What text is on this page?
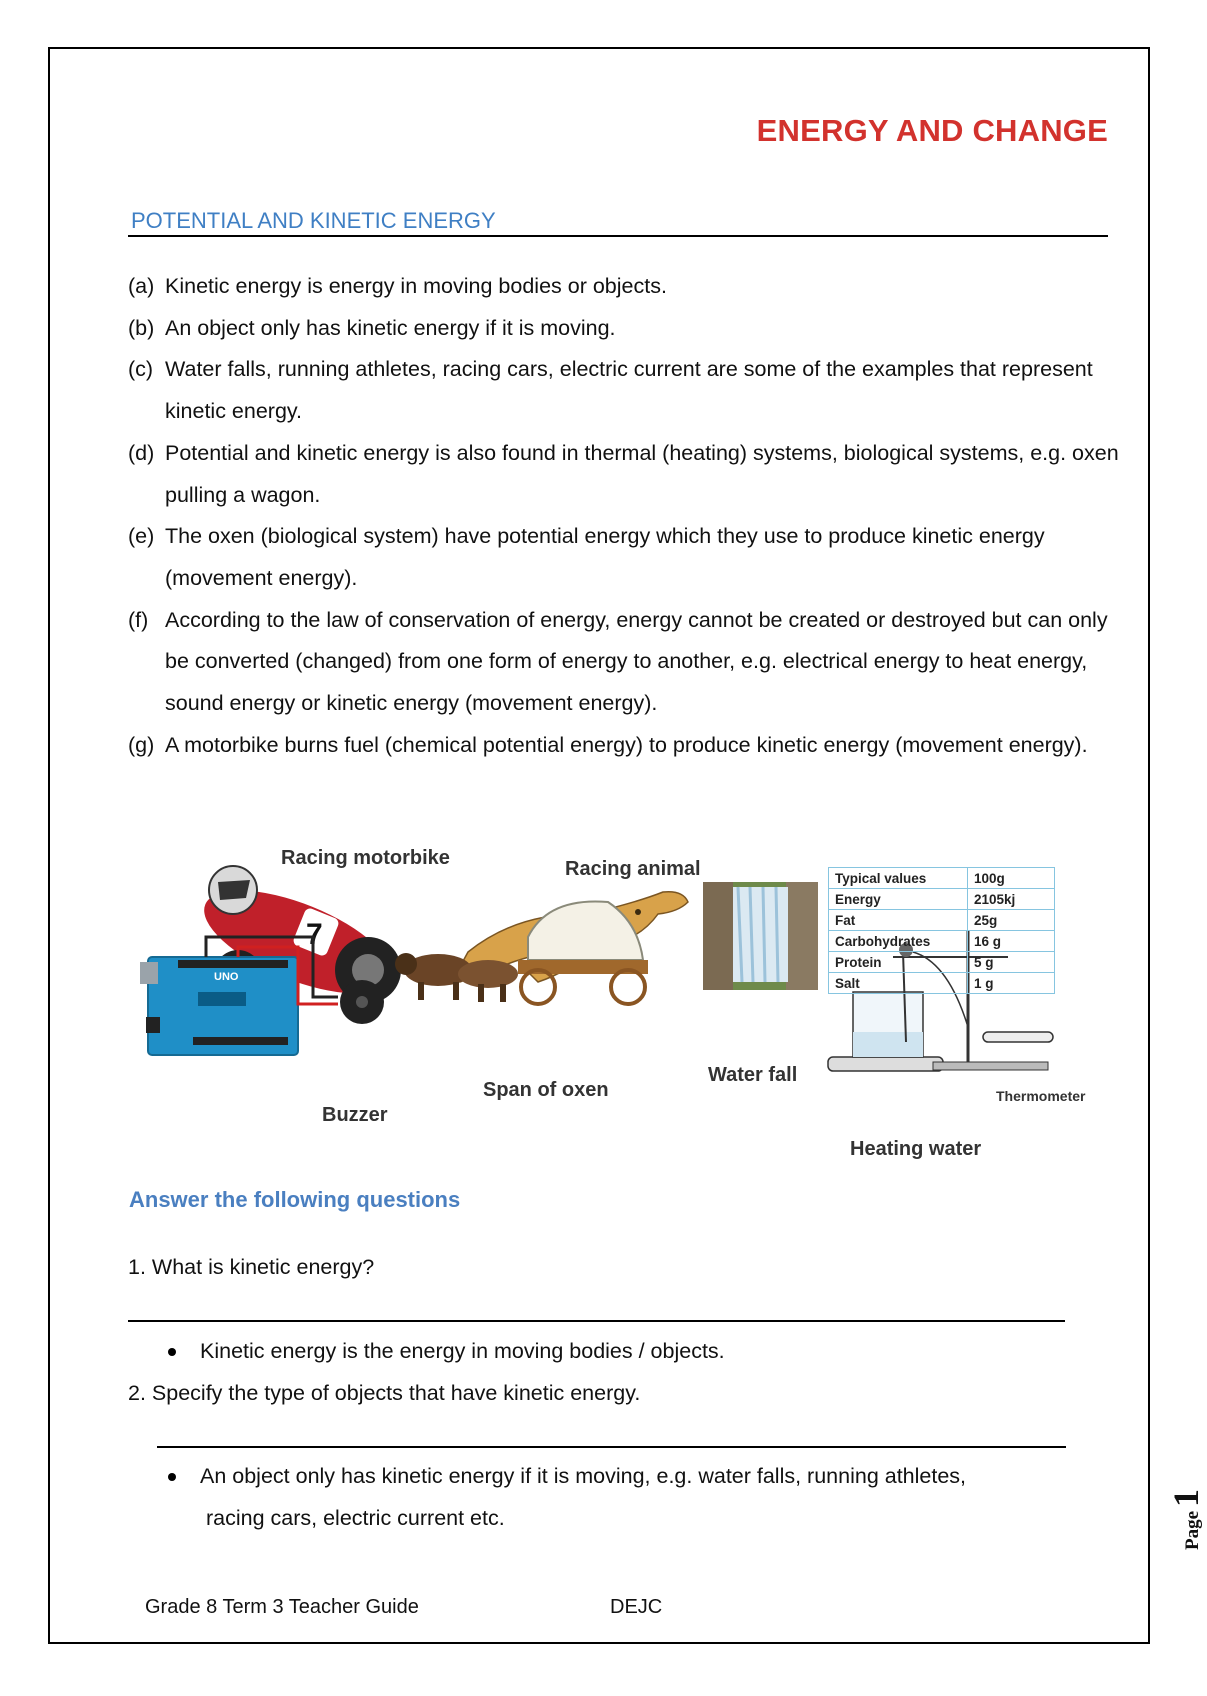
ENERGY AND CHANGE
POTENTIAL AND KINETIC ENERGY
(a) Kinetic energy is energy in moving bodies or objects.
(b) An object only has kinetic energy if it is moving.
(c) Water falls, running athletes, racing cars, electric current are some of the examples that represent kinetic energy.
(d) Potential and kinetic energy is also found in thermal (heating) systems, biological systems, e.g. oxen pulling a wagon.
(e) The oxen (biological system) have potential energy which they use to produce kinetic energy (movement energy).
(f) According to the law of conservation of energy, energy cannot be created or destroyed but can only be converted (changed) from one form of energy to another, e.g. electrical energy to heat energy, sound energy or kinetic energy (movement energy).
(g) A motorbike burns fuel (chemical potential energy) to produce kinetic energy (movement energy).
7
UNO
Racing motorbike	Racing animal
Buzzer
Span of oxen
Water fall
Heating water
Thermometer
Typical values	100g
Energy	2105kj
Fat	25g
Carbohydrates	16 g
Protein	5 g
Salt	1 g
Answer the following questions
1. What is kinetic energy?
Kinetic energy is the energy in moving bodies / objects.
2. Specify the type of objects that have kinetic energy.
An object only has kinetic energy if it is moving, e.g. water falls, running athletes,
racing cars, electric current etc.
Grade 8 Term 3 Teacher Guide	DEJC
Page 1
